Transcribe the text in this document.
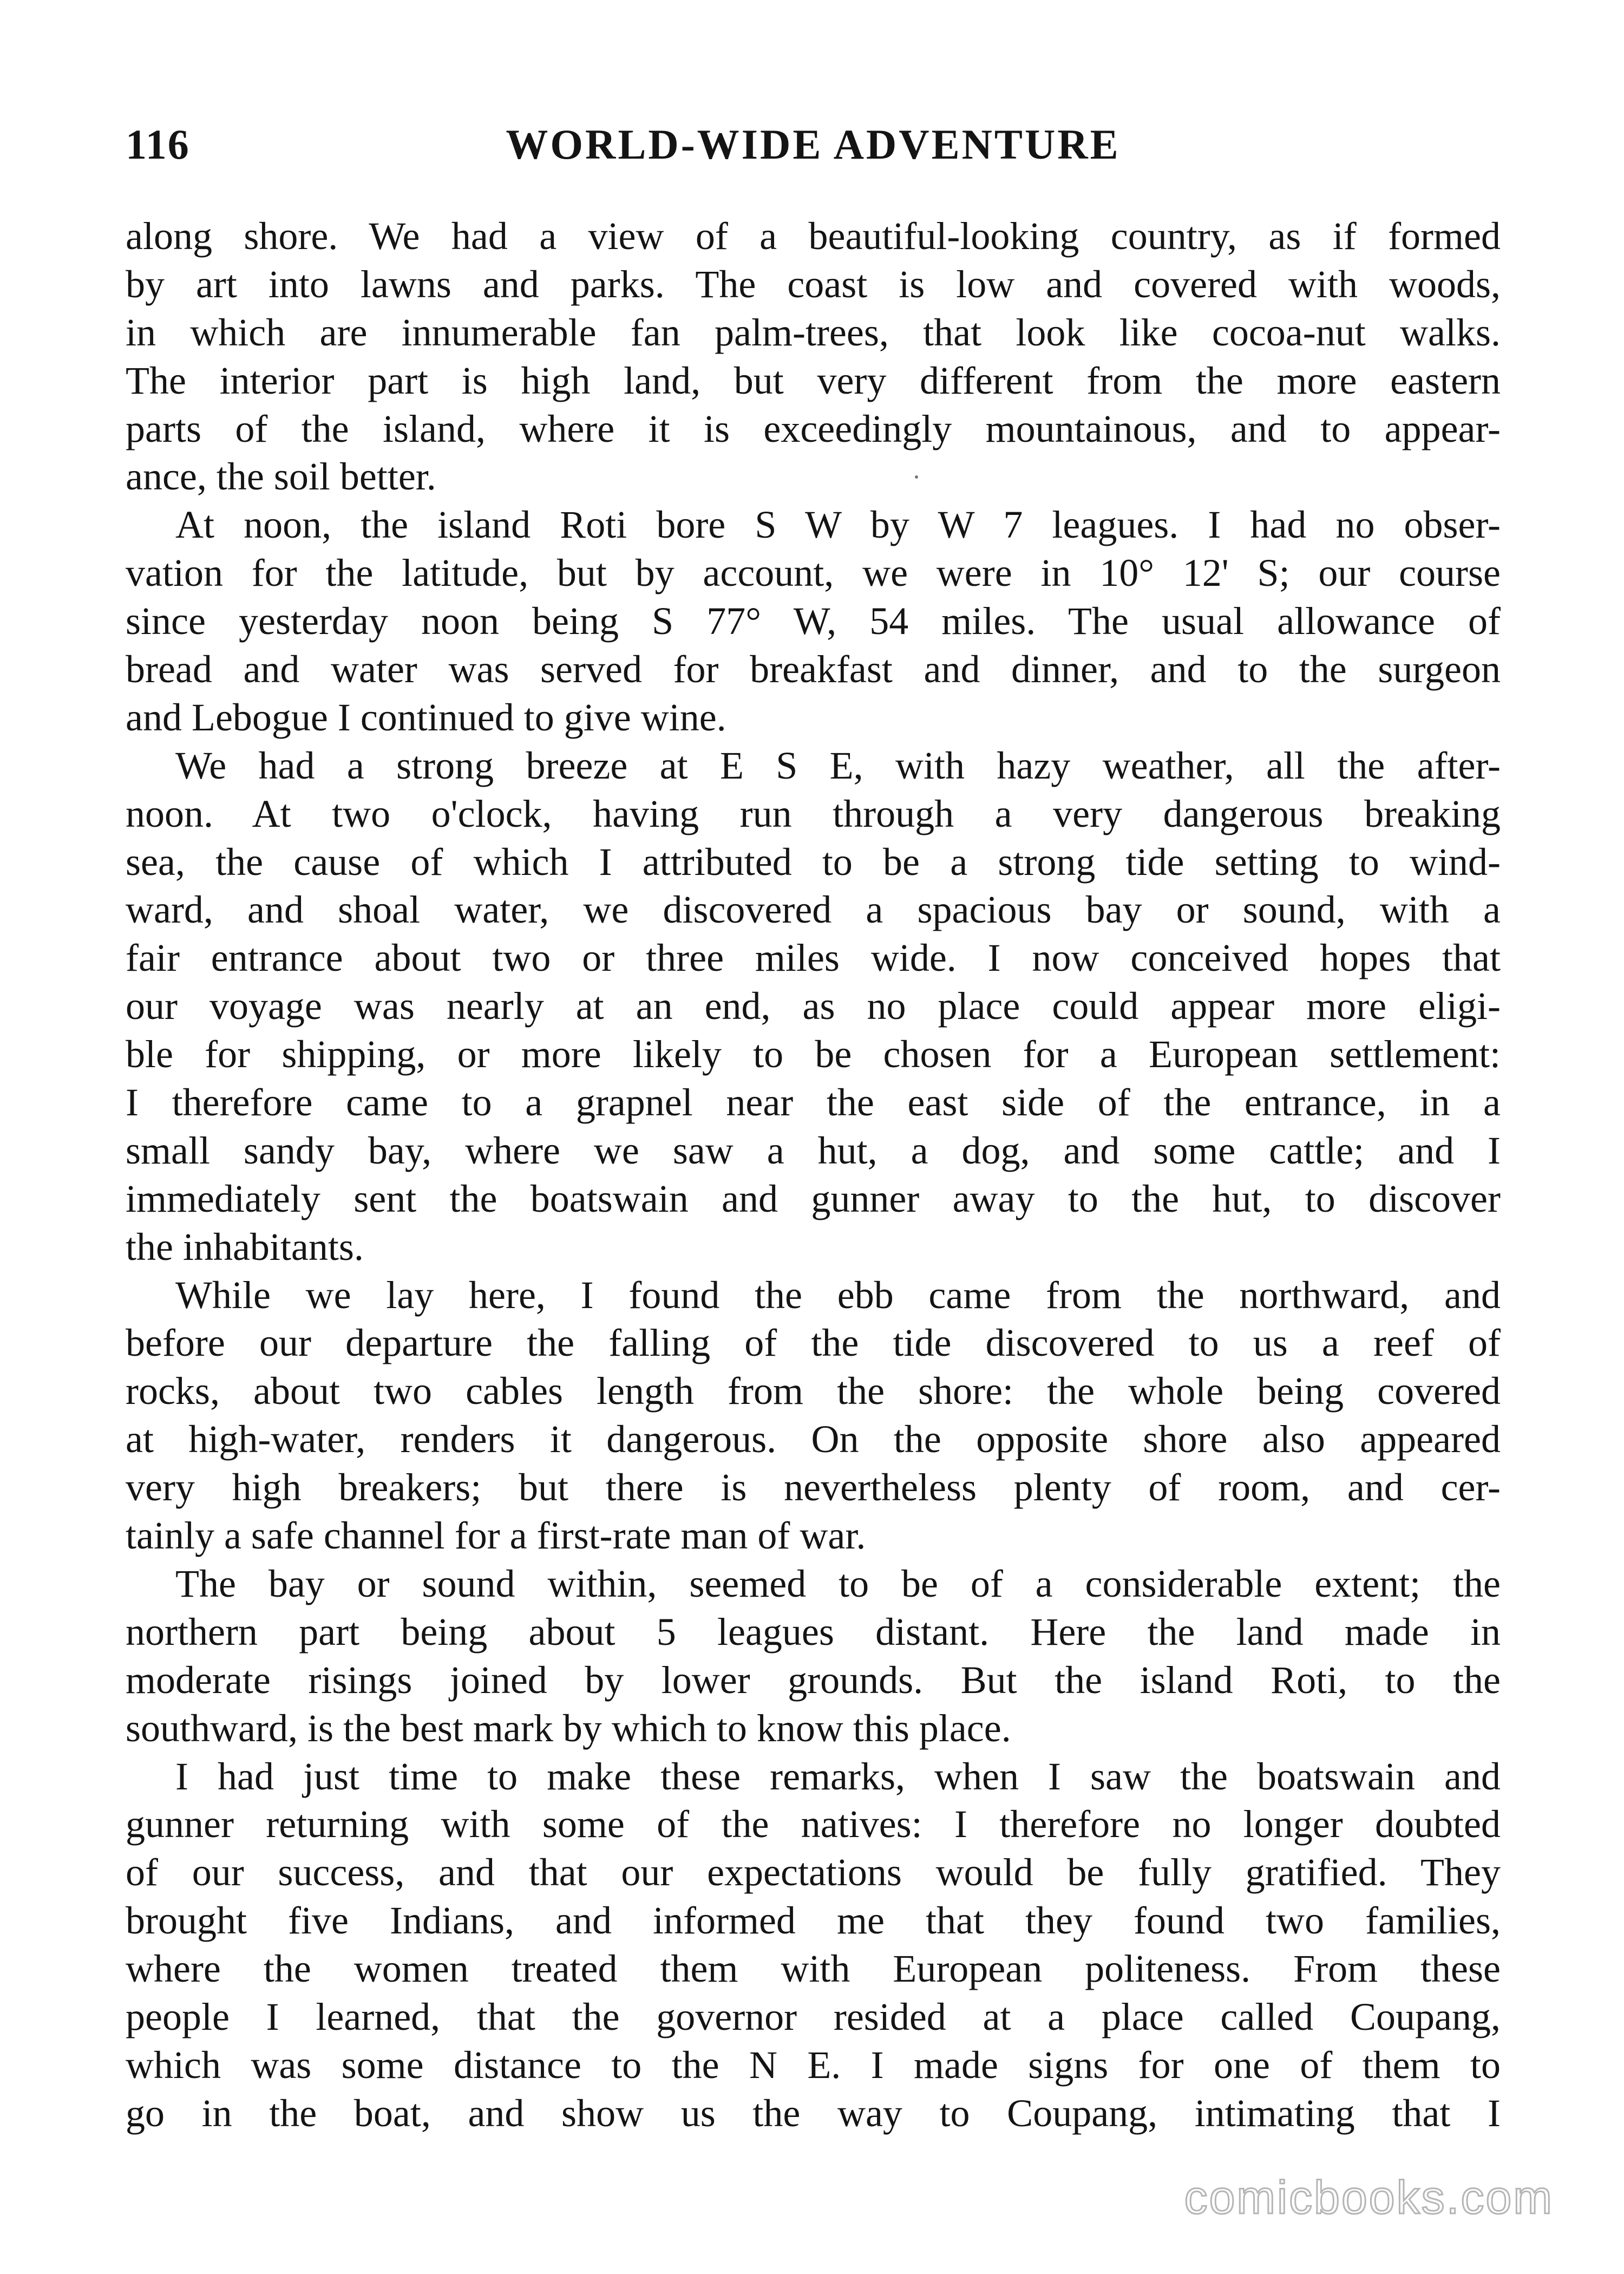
116	WORLD-WIDE ADVENTURE
along shore. We had a view of a beautiful-looking country, as if formed
by art into lawns and parks. The coast is low and covered with woods,
in which are innumerable fan palm-trees, that look like cocoa-nut walks.
The interior part is high land, but very different from the more eastern
parts of the island, where it is exceedingly mountainous, and to appear-
ance, the soil better.
At noon, the island Roti bore S W by W 7 leagues. I had no obser-
vation for the latitude, but by account, we were in 10° 12' S; our course
since yesterday noon being S 77° W, 54 miles. The usual allowance of
bread and water was served for breakfast and dinner, and to the surgeon
and Lebogue I continued to give wine.
We had a strong breeze at E S E, with hazy weather, all the after-
noon. At two o'clock, having run through a very dangerous breaking
sea, the cause of which I attributed to be a strong tide setting to wind-
ward, and shoal water, we discovered a spacious bay or sound, with a
fair entrance about two or three miles wide. I now conceived hopes that
our voyage was nearly at an end, as no place could appear more eligi-
ble for shipping, or more likely to be chosen for a European settlement:
I therefore came to a grapnel near the east side of the entrance, in a
small sandy bay, where we saw a hut, a dog, and some cattle; and I
immediately sent the boatswain and gunner away to the hut, to discover
the inhabitants.
While we lay here, I found the ebb came from the northward, and
before our departure the falling of the tide discovered to us a reef of
rocks, about two cables length from the shore: the whole being covered
at high-water, renders it dangerous. On the opposite shore also appeared
very high breakers; but there is nevertheless plenty of room, and cer-
tainly a safe channel for a first-rate man of war.
The bay or sound within, seemed to be of a considerable extent; the
northern part being about 5 leagues distant. Here the land made in
moderate risings joined by lower grounds. But the island Roti, to the
southward, is the best mark by which to know this place.
I had just time to make these remarks, when I saw the boatswain and
gunner returning with some of the natives: I therefore no longer doubted
of our success, and that our expectations would be fully gratified. They
brought five Indians, and informed me that they found two families,
where the women treated them with European politeness. From these
people I learned, that the governor resided at a place called Coupang,
which was some distance to the N E. I made signs for one of them to
go in the boat, and show us the way to Coupang, intimating that I
comicbooks.com
